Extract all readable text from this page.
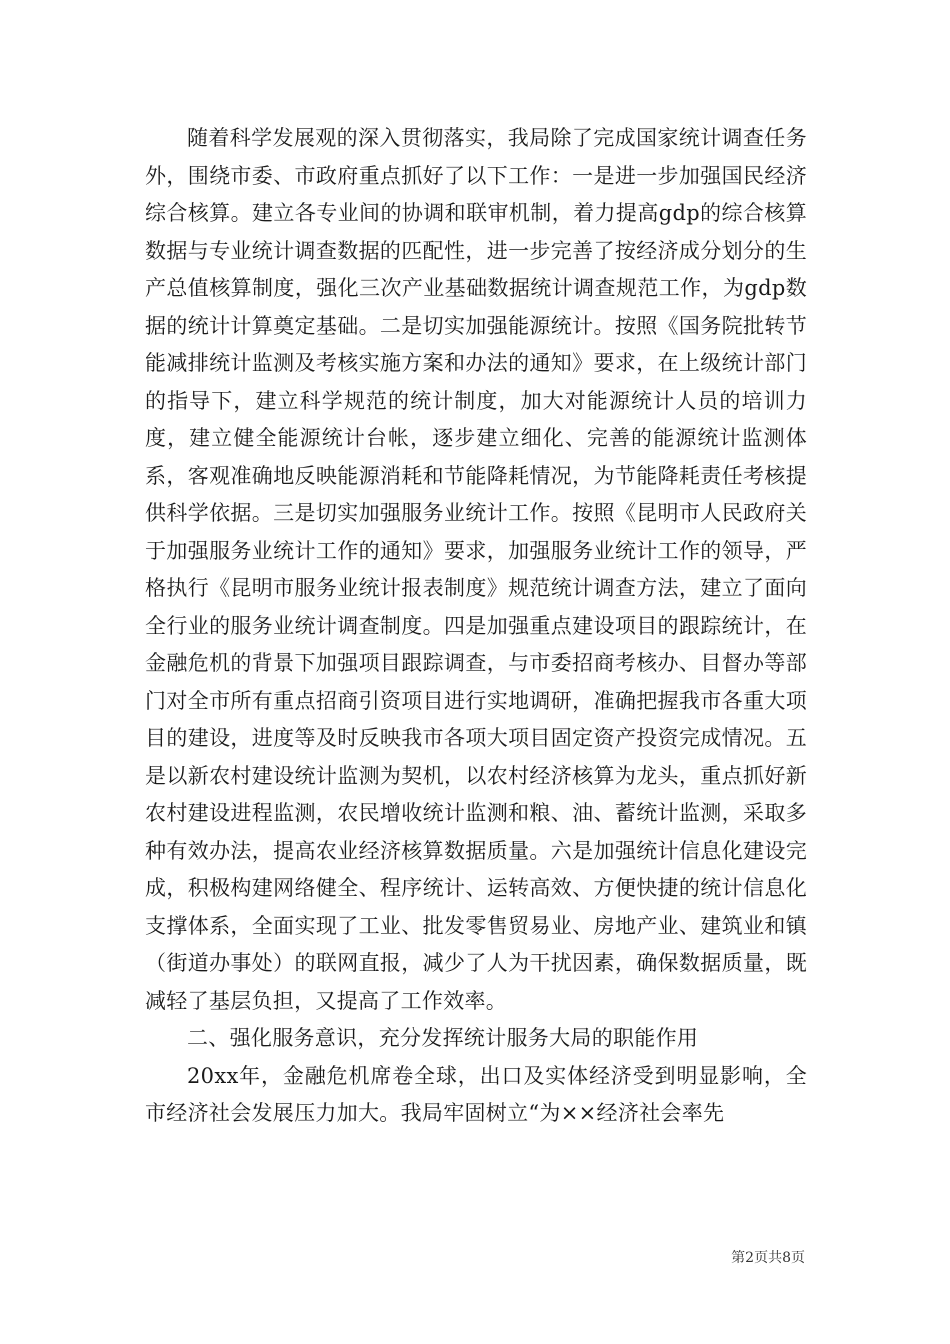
随着科学发展观的深入贯彻落实，我局除了完成国家统计调查任务外，围绕市委、市政府重点抓好了以下工作：一是进一步加强国民经济综合核算。建立各专业间的协调和联审机制，着力提高gdp的综合核算数据与专业统计调查数据的匹配性，进一步完善了按经济成分划分的生产总值核算制度，强化三次产业基础数据统计调查规范工作，为gdp数据的统计计算奠定基础。二是切实加强能源统计。按照《国务院批转节能减排统计监测及考核实施方案和办法的通知》要求，在上级统计部门的指导下，建立科学规范的统计制度，加大对能源统计人员的培训力度，建立健全能源统计台帐，逐步建立细化、完善的能源统计监测体系，客观准确地反映能源消耗和节能降耗情况，为节能降耗责任考核提供科学依据。三是切实加强服务业统计工作。按照《昆明市人民政府关于加强服务业统计工作的通知》要求，加强服务业统计工作的领导，严格执行《昆明市服务业统计报表制度》规范统计调查方法，建立了面向全行业的服务业统计调查制度。四是加强重点建设项目的跟踪统计，在金融危机的背景下加强项目跟踪调查，与市委招商考核办、目督办等部门对全市所有重点招商引资项目进行实地调研，准确把握我市各重大项目的建设，进度等及时反映我市各项大项目固定资产投资完成情况。五是以新农村建设统计监测为契机，以农村经济核算为龙头，重点抓好新农村建设进程监测，农民增收统计监测和粮、油、蓄统计监测，采取多种有效办法，提高农业经济核算数据质量。六是加强统计信息化建设完成，积极构建网络健全、程序统计、运转高效、方便快捷的统计信息化支撑体系，全面实现了工业、批发零售贸易业、房地产业、建筑业和镇（街道办事处）的联网直报，减少了人为干扰因素，确保数据质量，既减轻了基层负担，又提高了工作效率。

二、强化服务意识，充分发挥统计服务大局的职能作用

20xx年，金融危机席卷全球，出口及实体经济受到明显影响，全市经济社会发展压力加大。我局牢固树立“为××经济社会率先

第2页共8页
